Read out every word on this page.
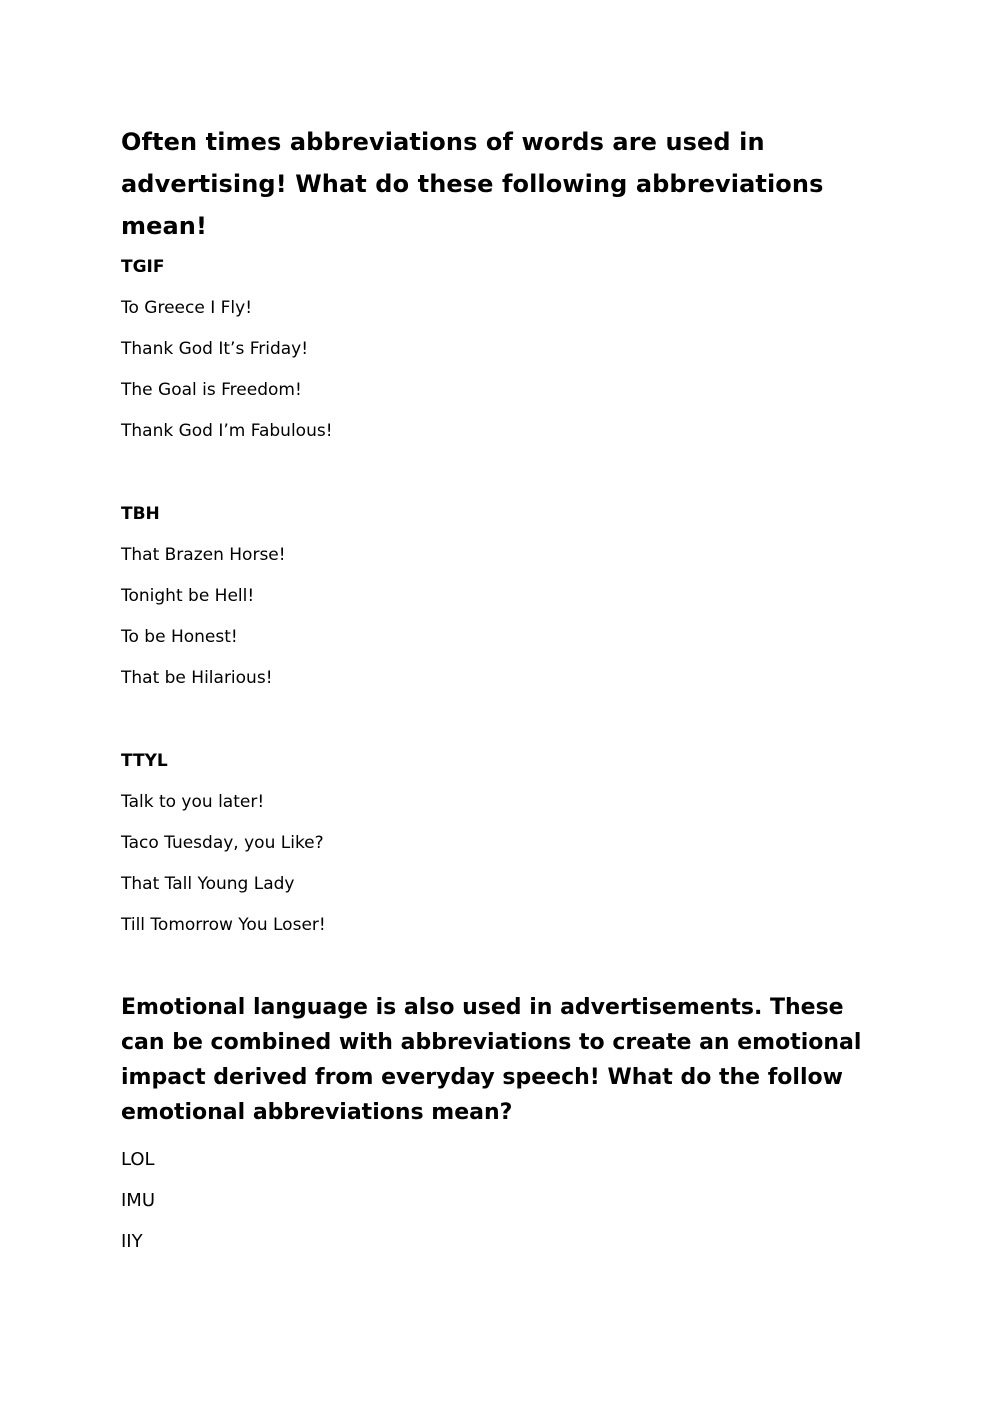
Often times abbreviations of words are used in advertising! What do these following abbreviations mean!

TGIF

To Greece I Fly!

Thank God It’s Friday!

The Goal is Freedom!

Thank God I’m Fabulous!

TBH

That Brazen Horse!

Tonight be Hell!

To be Honest!

That be Hilarious!

TTYL

Talk to you later!

Taco Tuesday, you Like?

That Tall Young Lady

Till Tomorrow You Loser!

Emotional language is also used in advertisements. These can be combined with abbreviations to create an emotional impact derived from everyday speech! What do the follow emotional abbreviations mean?

LOL

IMU

IIY
